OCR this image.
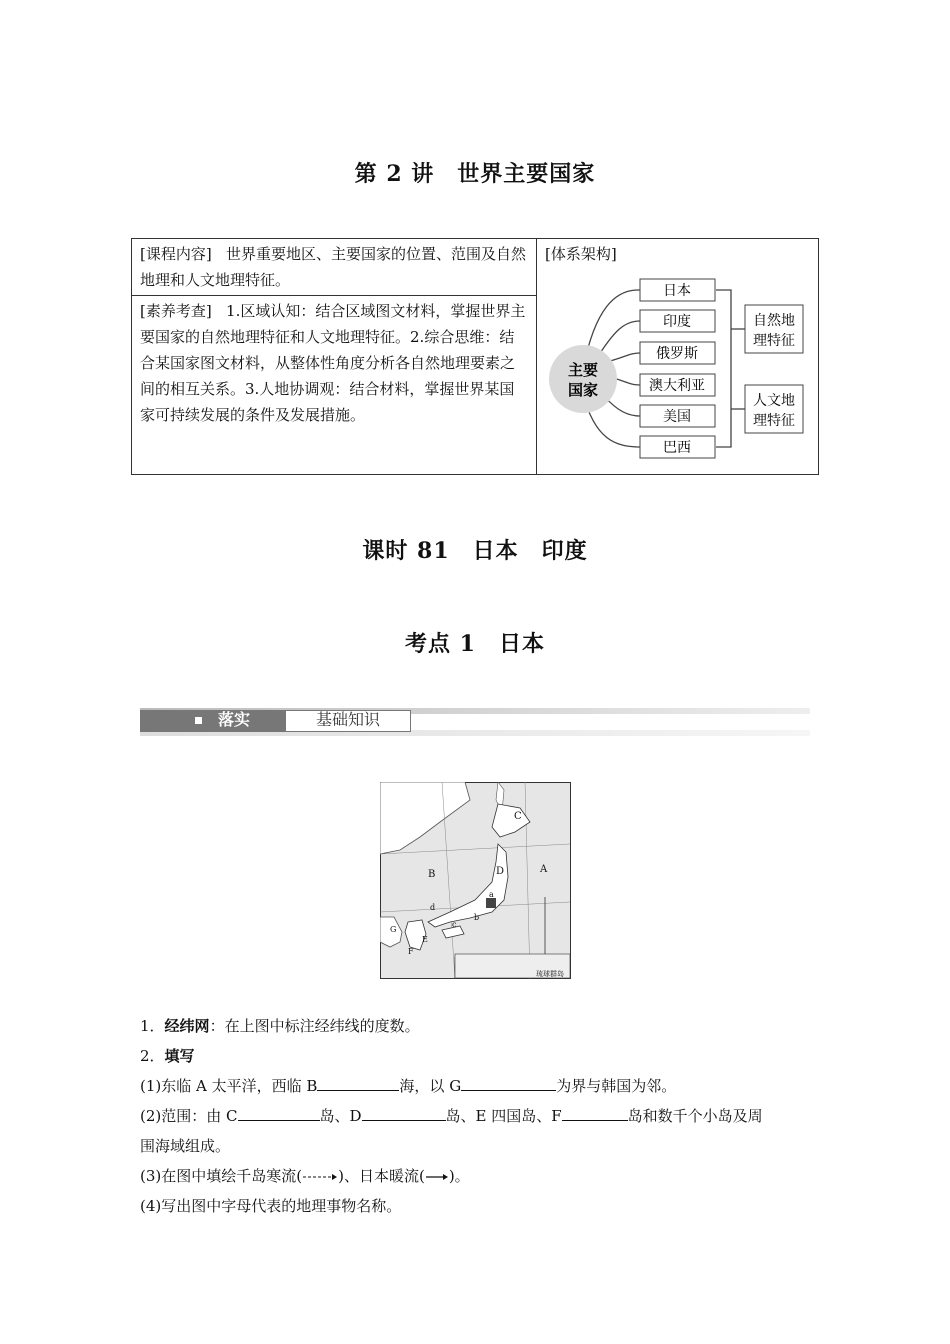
第 2 讲　世界主要国家
[课程内容] 世界重要地区、主要国家的位置、范围及自然地理和人文地理特征。	
[体系架构]
主要
国家
日本
印度
俄罗斯
澳大利亚
美国
巴西
自然地
理特征
人文地
理特征

[素养考查] 1.区域认知：结合区域图文材料，掌握世界主要国家的自然地理特征和人文地理特征。2.综合思维：结合某国家图文材料，从整体性角度分析各自然地理要素之间的相互关系。3.人地协调观：结合材料，掌握世界某国家可持续发展的条件及发展措施。
课时 81　日本　印度
考点 1　日本
落实	基础知识
C
B	D	A
a
b
d
c
G
E
F
琉球群岛
1．经纬网：在上图中标注经纬线的度数。
2．填写
(1)东临 A 太平洋，西临 B	海，以 G	为界与韩国为邻。
(2)范围：由 C	岛、D	岛、E 四国岛、F	岛和数千个小岛及周
围海域组成。
(3)在图中填绘千岛寒流( )、日本暖流( )。
(4)写出图中字母代表的地理事物名称。
